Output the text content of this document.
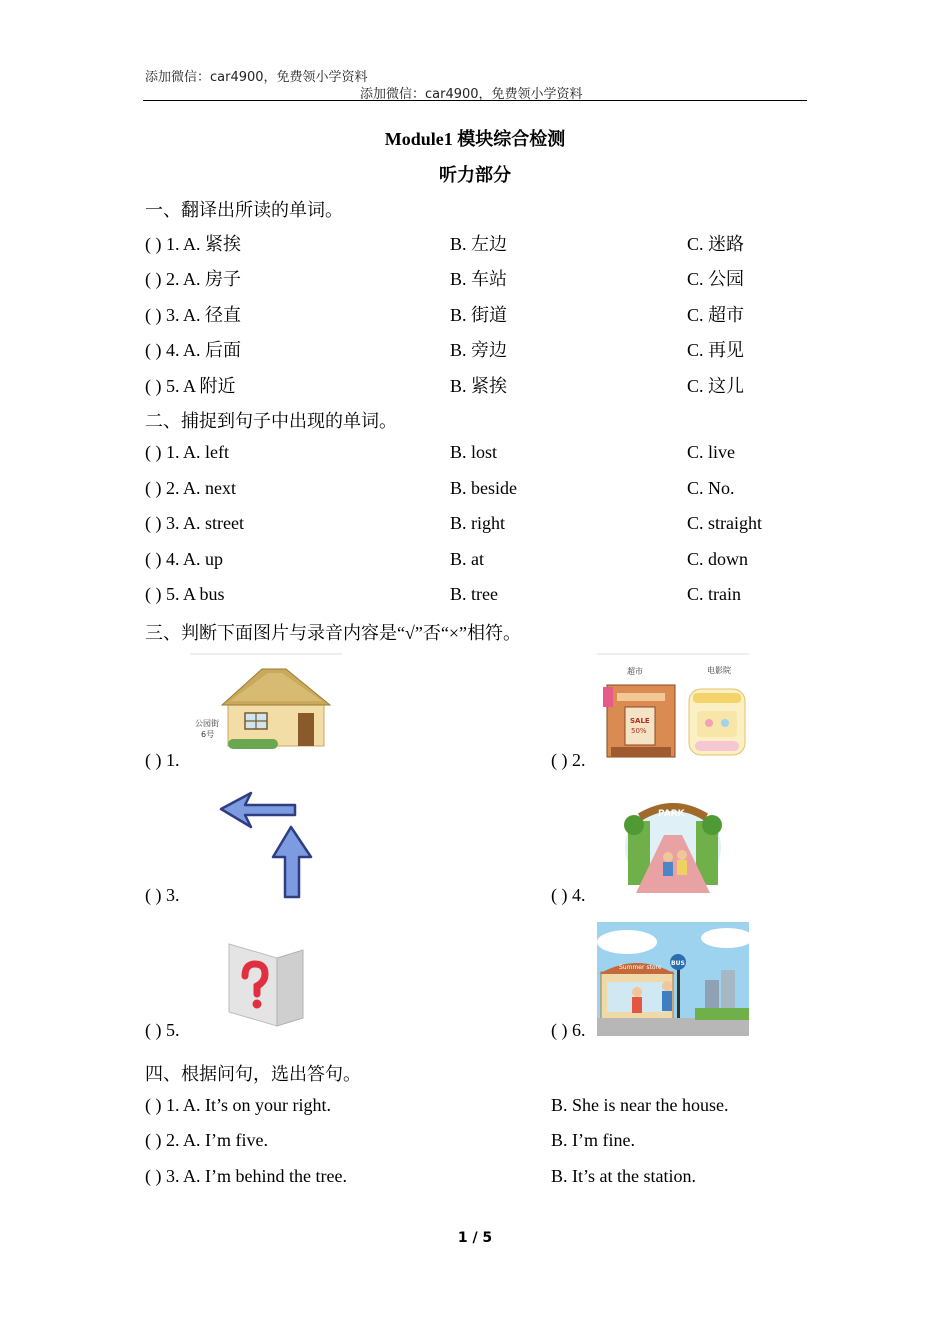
添加微信：car4900，免费领小学资料
添加微信：car4900，免费领小学资料
Module1 模块综合检测
听力部分
一、翻译出所读的单词。
( ) 1. A. 紧挨	B. 左边	C. 迷路
( ) 2. A. 房子	B. 车站	C. 公园
( ) 3. A. 径直	B. 街道	C. 超市
( ) 4. A. 后面	B. 旁边	C. 再见
( ) 5. A 附近	B. 紧挨	C. 这儿
二、捕捉到句子中出现的单词。
( ) 1. A. left	B. lost	C. live
( ) 2. A. next	B. beside	C. No.
( ) 3. A. street	B. right	C. straight
( ) 4. A. up	B. at	C. down
( ) 5. A bus	B. tree	C. train
三、判断下面图片与录音内容是“√”否“×”相符。
公园街
6号
( ) 1.
超市	电影院
SALE
50%
( ) 2.
( ) 3.
PARK
( ) 4.
( ) 5.
Summer store
BUS
( ) 6.
四、根据问句，选出答句。
( ) 1. A. It’s on your right.	B. She is near the house.
( ) 2. A. I’m five.	B. I’m fine.
( ) 3. A. I’m behind the tree.	B. It’s at the station.
1 / 5
